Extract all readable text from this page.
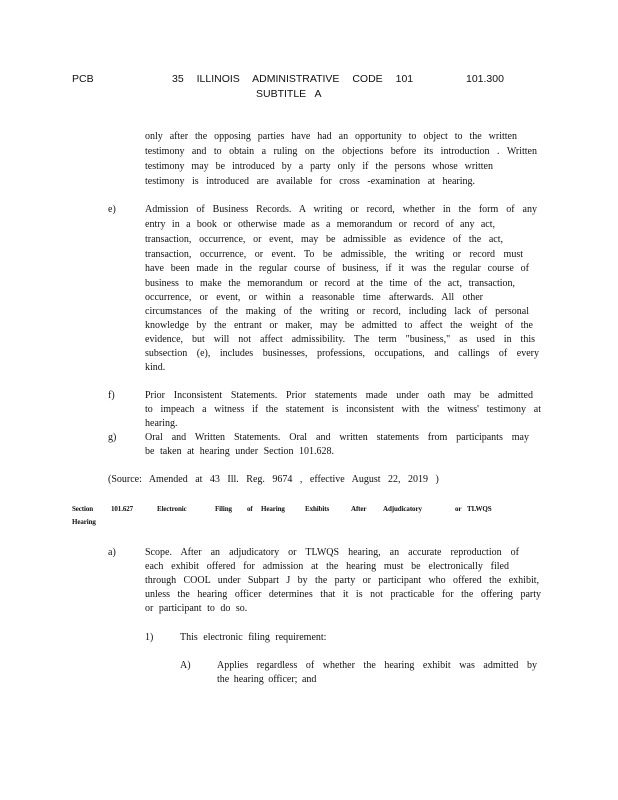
PCB	35 ILLINOIS ADMINISTRATIVE CODE 101	101.300
SUBTITLE A
only after the opposing parties have had an opportunity to object to the written
testimony and to obtain a ruling on the objections before its introduction . Written
testimony may be introduced by a party only if the persons whose written
testimony is introduced are available for cross -examination at hearing.
e)	Admission of Business Records. A writing or record, whether in the form of any
entry in a book or otherwise made as a memorandum or record of any act,
transaction, occurrence, or event, may be admissible as evidence of the act,
transaction, occurrence, or event. To be admissible, the writing or record must
have been made in the regular course of business, if it was the regular course of
business to make the memorandum or record at the time of the act, transaction,
occurrence, or event, or within a reasonable time afterwards. All other
circumstances of the making of the writing or record, including lack of personal
knowledge by the entrant or maker, may be admitted to affect the weight of the
evidence, but will not affect admissibility. The term "business," as used in this
subsection (e), includes businesses, professions, occupations, and callings of every
kind.
f)	Prior Inconsistent Statements. Prior statements made under oath may be admitted
to impeach a witness if the statement is inconsistent with the witness' testimony at
hearing.
g)	Oral and Written Statements. Oral and written statements from participants may
be taken at hearing under Section 101.628.
(Source: Amended at 43 Ill. Reg. 9674 , effective August 22, 2019 )
Section	101.627	Electronic	Filing of Hearing	Exhibits	After Adjudicatory	or TLWQS
Hearing
a)	Scope. After an adjudicatory or TLWQS hearing, an accurate reproduction of
each exhibit offered for admission at the hearing must be electronically filed
through COOL under Subpart J by the party or participant who offered the exhibit,
unless the hearing officer determines that it is not practicable for the offering party
or participant to do so.
1)	This electronic filing requirement:
A)	Applies regardless of whether the hearing exhibit was admitted by
the hearing officer; and
